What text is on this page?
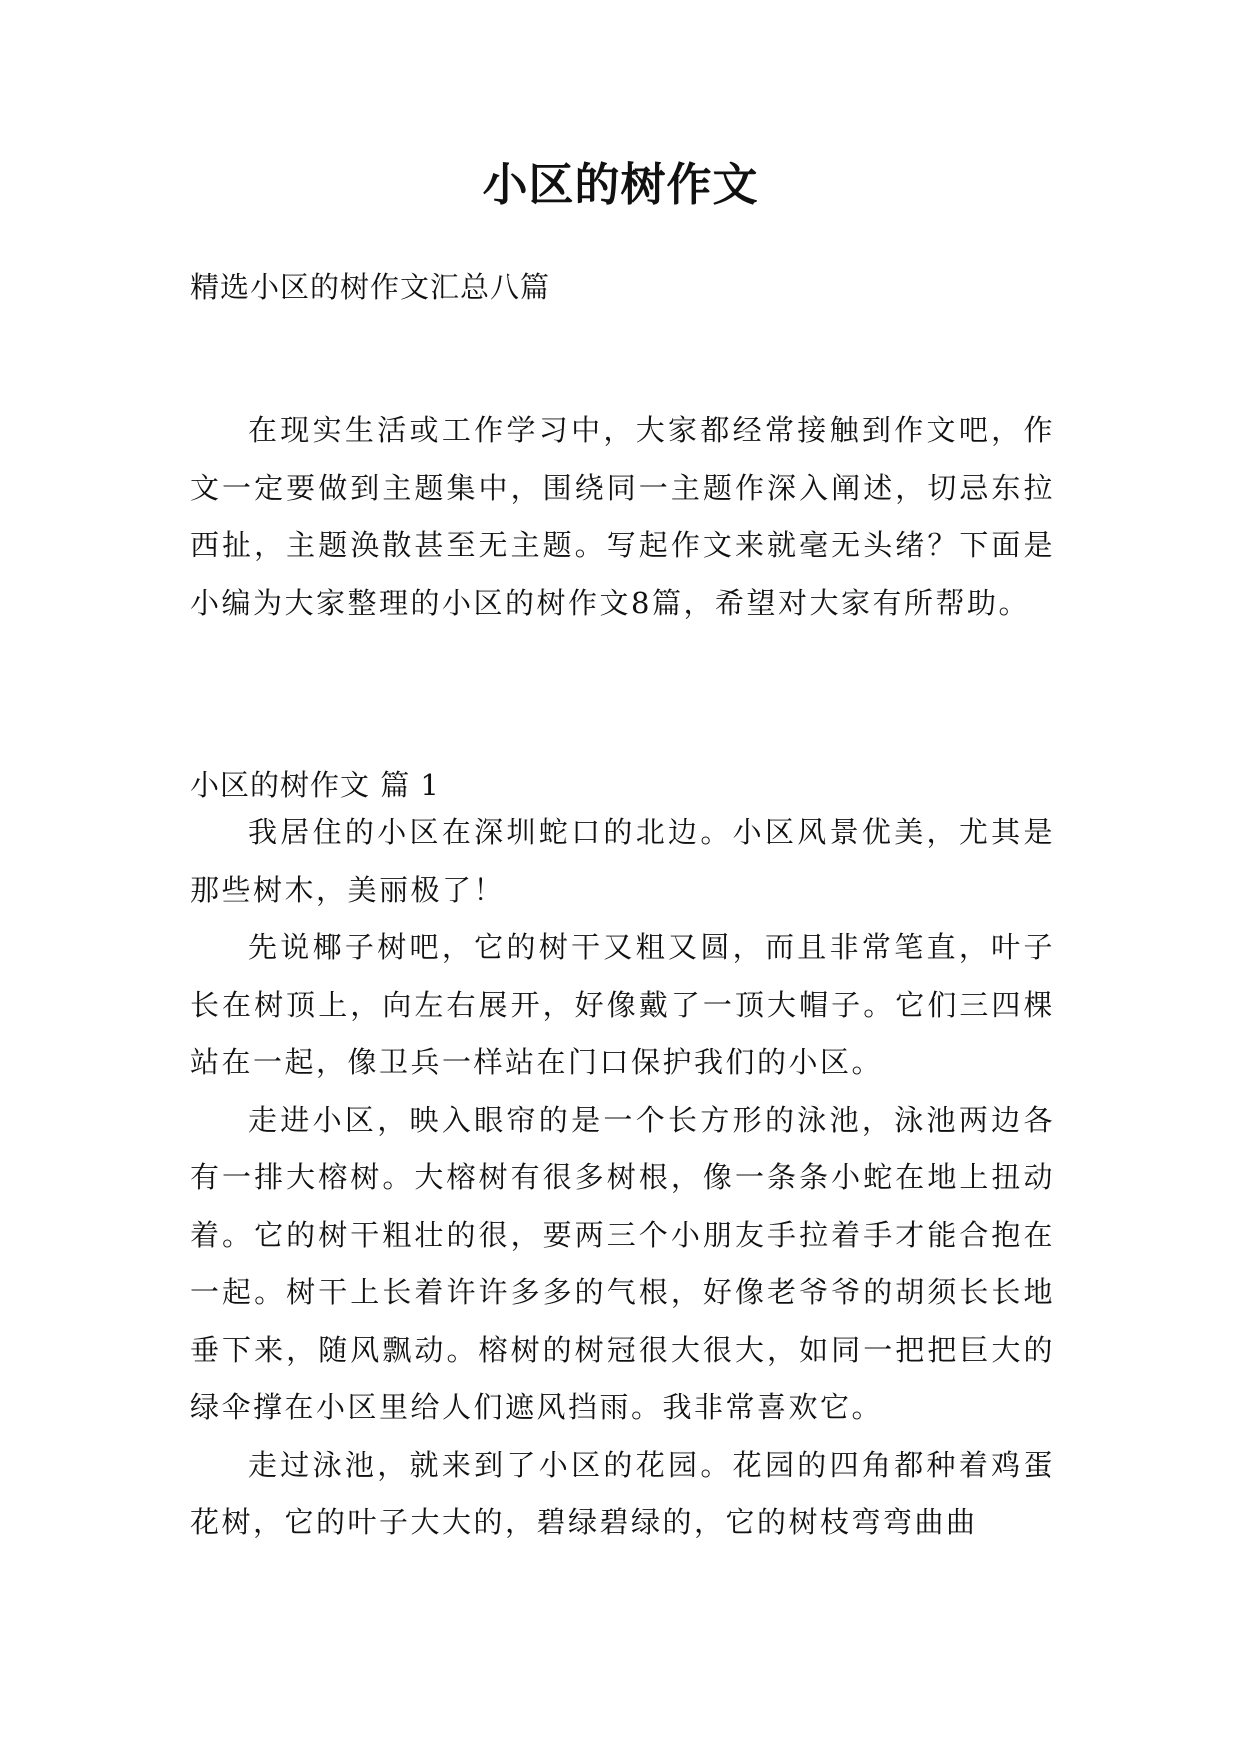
小区的树作文
精选小区的树作文汇总八篇

在现实生活或工作学习中，大家都经常接触到作文吧，作文一定要做到主题集中，围绕同一主题作深入阐述，切忌东拉西扯，主题涣散甚至无主题。写起作文来就毫无头绪？下面是小编为大家整理的小区的树作文8篇，希望对大家有所帮助。

小区的树作文 篇 1

我居住的小区在深圳蛇口的北边。小区风景优美，尤其是那些树木，美丽极了！

先说椰子树吧，它的树干又粗又圆，而且非常笔直，叶子长在树顶上，向左右展开，好像戴了一顶大帽子。它们三四棵站在一起，像卫兵一样站在门口保护我们的小区。

走进小区，映入眼帘的是一个长方形的泳池，泳池两边各有一排大榕树。大榕树有很多树根，像一条条小蛇在地上扭动着。它的树干粗壮的很，要两三个小朋友手拉着手才能合抱在一起。树干上长着许许多多的气根，好像老爷爷的胡须长长地垂下来，随风飘动。榕树的树冠很大很大，如同一把把巨大的绿伞撑在小区里给人们遮风挡雨。我非常喜欢它。

走过泳池，就来到了小区的花园。花园的四角都种着鸡蛋花树，它的叶子大大的，碧绿碧绿的，它的树枝弯弯曲曲
